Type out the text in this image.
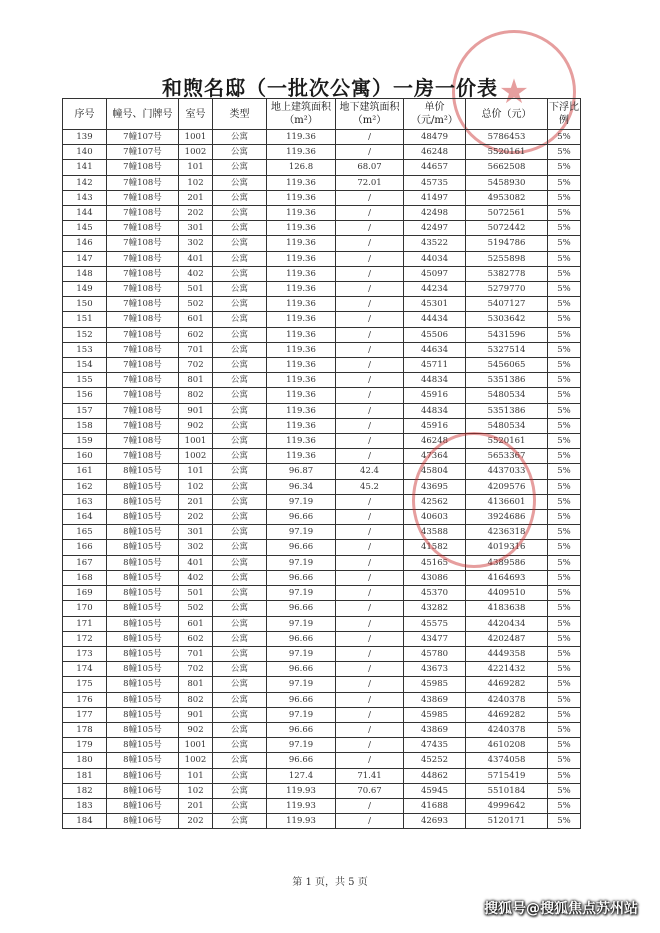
★
和煦名邸（一批次公寓）一房一价表
序号	幢号、门牌号	室号	类型	地上建筑面积（m²）	地下建筑面积（m²）	单价（元/m²）	总价（元）	下浮比例
139	7幢107号	1001	公寓	119.36	/	48479	5786453	5%
140	7幢107号	1002	公寓	119.36	/	46248	5520161	5%
141	7幢108号	101	公寓	126.8	68.07	44657	5662508	5%
142	7幢108号	102	公寓	119.36	72.01	45735	5458930	5%
143	7幢108号	201	公寓	119.36	/	41497	4953082	5%
144	7幢108号	202	公寓	119.36	/	42498	5072561	5%
145	7幢108号	301	公寓	119.36	/	42497	5072442	5%
146	7幢108号	302	公寓	119.36	/	43522	5194786	5%
147	7幢108号	401	公寓	119.36	/	44034	5255898	5%
148	7幢108号	402	公寓	119.36	/	45097	5382778	5%
149	7幢108号	501	公寓	119.36	/	44234	5279770	5%
150	7幢108号	502	公寓	119.36	/	45301	5407127	5%
151	7幢108号	601	公寓	119.36	/	44434	5303642	5%
152	7幢108号	602	公寓	119.36	/	45506	5431596	5%
153	7幢108号	701	公寓	119.36	/	44634	5327514	5%
154	7幢108号	702	公寓	119.36	/	45711	5456065	5%
155	7幢108号	801	公寓	119.36	/	44834	5351386	5%
156	7幢108号	802	公寓	119.36	/	45916	5480534	5%
157	7幢108号	901	公寓	119.36	/	44834	5351386	5%
158	7幢108号	902	公寓	119.36	/	45916	5480534	5%
159	7幢108号	1001	公寓	119.36	/	46248	5520161	5%
160	7幢108号	1002	公寓	119.36	/	47364	5653367	5%
161	8幢105号	101	公寓	96.87	42.4	45804	4437033	5%
162	8幢105号	102	公寓	96.34	45.2	43695	4209576	5%
163	8幢105号	201	公寓	97.19	/	42562	4136601	5%
164	8幢105号	202	公寓	96.66	/	40603	3924686	5%
165	8幢105号	301	公寓	97.19	/	43588	4236318	5%
166	8幢105号	302	公寓	96.66	/	41582	4019316	5%
167	8幢105号	401	公寓	97.19	/	45165	4389586	5%
168	8幢105号	402	公寓	96.66	/	43086	4164693	5%
169	8幢105号	501	公寓	97.19	/	45370	4409510	5%
170	8幢105号	502	公寓	96.66	/	43282	4183638	5%
171	8幢105号	601	公寓	97.19	/	45575	4420434	5%
172	8幢105号	602	公寓	96.66	/	43477	4202487	5%
173	8幢105号	701	公寓	97.19	/	45780	4449358	5%
174	8幢105号	702	公寓	96.66	/	43673	4221432	5%
175	8幢105号	801	公寓	97.19	/	45985	4469282	5%
176	8幢105号	802	公寓	96.66	/	43869	4240378	5%
177	8幢105号	901	公寓	97.19	/	45985	4469282	5%
178	8幢105号	902	公寓	96.66	/	43869	4240378	5%
179	8幢105号	1001	公寓	97.19	/	47435	4610208	5%
180	8幢105号	1002	公寓	96.66	/	45252	4374058	5%
181	8幢106号	101	公寓	127.4	71.41	44862	5715419	5%
182	8幢106号	102	公寓	119.93	70.67	45945	5510184	5%
183	8幢106号	201	公寓	119.93	/	41688	4999642	5%
184	8幢106号	202	公寓	119.93	/	42693	5120171	5%
第 1 页，共 5 页
搜狐号@搜狐焦点苏州站
